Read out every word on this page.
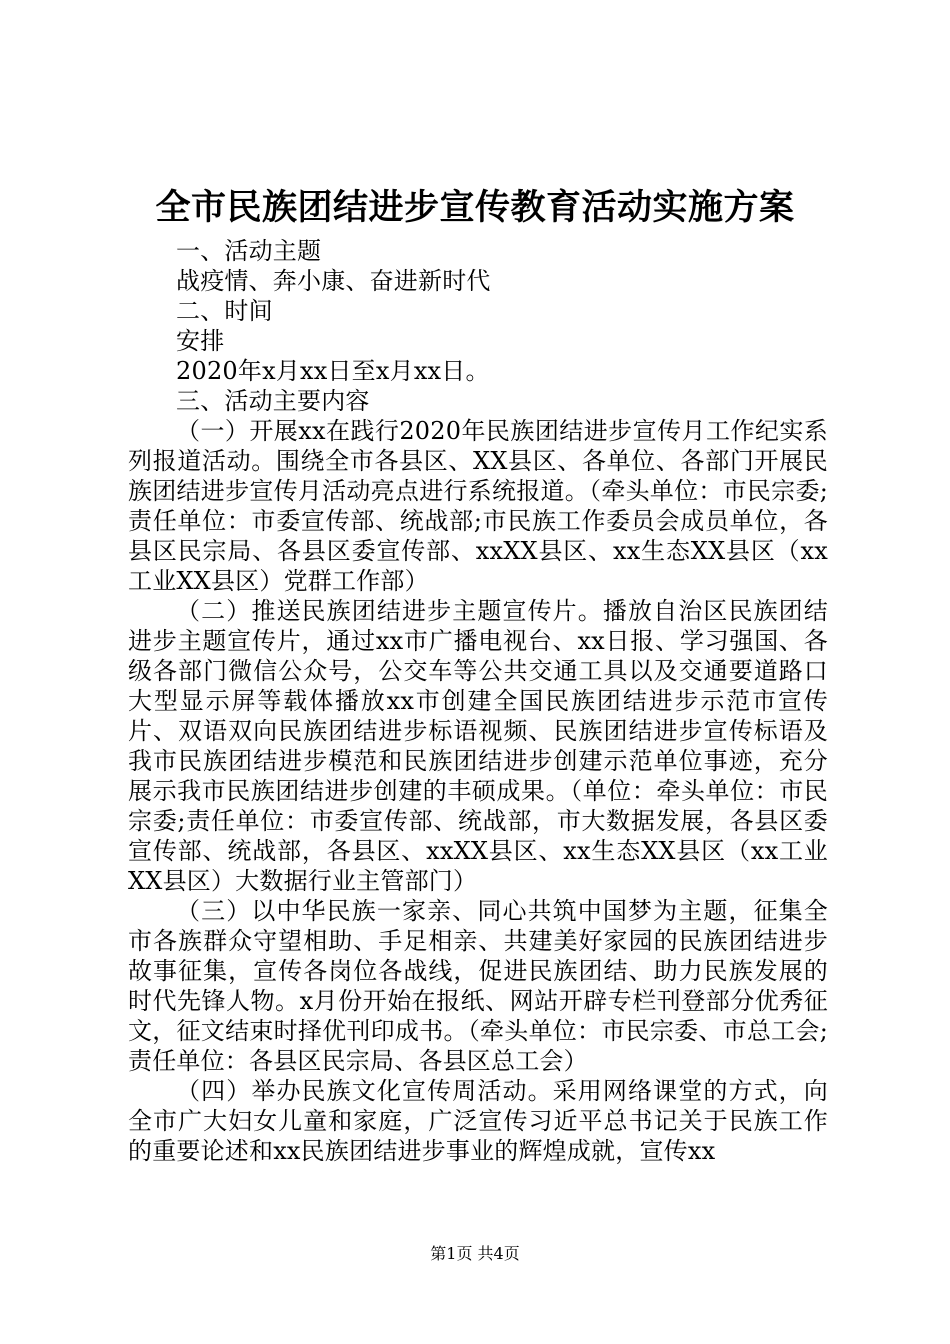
全市民族团结进步宣传教育活动实施方案

一、活动主题

战疫情、奔小康、奋进新时代

二、时间

安排

2020年x月xx日至x月xx日。

三、活动主要内容

（一）开展xx在践行2020年民族团结进步宣传月工作纪实系列报道活动。围绕全市各县区、XX县区、各单位、各部门开展民族团结进步宣传月活动亮点进行系统报道。（牵头单位：市民宗委;责任单位：市委宣传部、统战部;市民族工作委员会成员单位，各县区民宗局、各县区委宣传部、xxXX县区、xx生态XX县区（xx工业XX县区）党群工作部）

（二）推送民族团结进步主题宣传片。播放自治区民族团结进步主题宣传片，通过xx市广播电视台、xx日报、学习强国、各级各部门微信公众号，公交车等公共交通工具以及交通要道路口大型显示屏等载体播放xx市创建全国民族团结进步示范市宣传片、双语双向民族团结进步标语视频、民族团结进步宣传标语及我市民族团结进步模范和民族团结进步创建示范单位事迹，充分展示我市民族团结进步创建的丰硕成果。（单位：牵头单位：市民宗委;责任单位：市委宣传部、统战部，市大数据发展，各县区委宣传部、统战部，各县区、xxXX县区、xx生态XX县区（xx工业XX县区）大数据行业主管部门）

（三）以中华民族一家亲、同心共筑中国梦为主题，征集全市各族群众守望相助、手足相亲、共建美好家园的民族团结进步故事征集，宣传各岗位各战线，促进民族团结、助力民族发展的时代先锋人物。x月份开始在报纸、网站开辟专栏刊登部分优秀征文，征文结束时择优刊印成书。（牵头单位：市民宗委、市总工会;责任单位：各县区民宗局、各县区总工会）

（四）举办民族文化宣传周活动。采用网络课堂的方式，向全市广大妇女儿童和家庭，广泛宣传习近平总书记关于民族工作的重要论述和xx民族团结进步事业的辉煌成就，宣传xx

第1页 共4页
